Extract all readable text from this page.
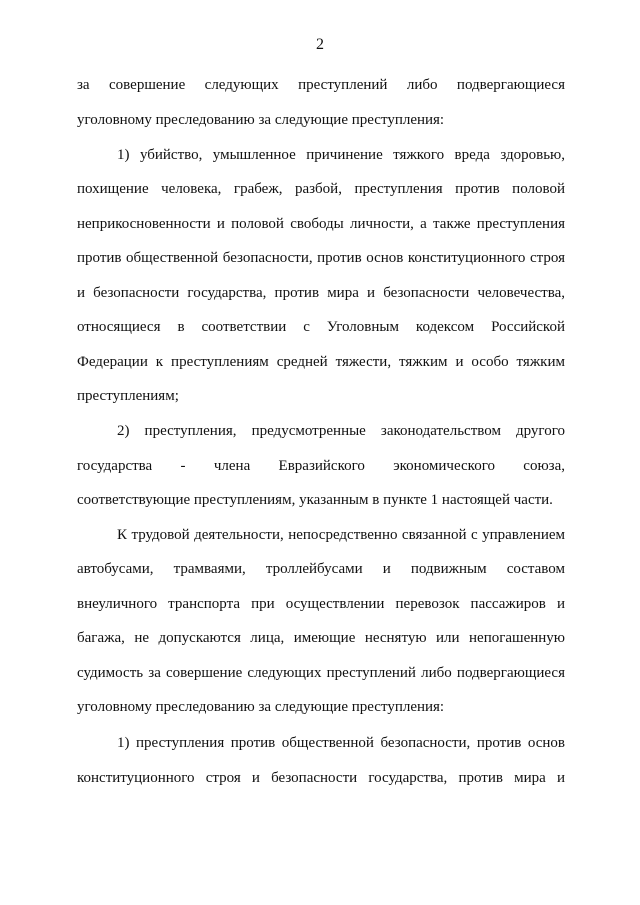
2
за совершение следующих преступлений либо подвергающиеся
уголовному преследованию за следующие преступления:
1) убийство, умышленное причинение тяжкого вреда здоровью,
похищение человека, грабеж, разбой, преступления против половой
неприкосновенности и половой свободы личности, а также преступления
против общественной безопасности, против основ конституционного строя
и безопасности государства, против мира и безопасности человечества,
относящиеся в соответствии с Уголовным кодексом Российской
Федерации к преступлениям средней тяжести, тяжким и особо тяжким
преступлениям;
2) преступления, предусмотренные законодательством другого
государства - члена Евразийского экономического союза,
соответствующие преступлениям, указанным в пункте 1 настоящей части.
К трудовой деятельности, непосредственно связанной с управлением
автобусами, трамваями, троллейбусами и подвижным составом
внеуличного транспорта при осуществлении перевозок пассажиров и
багажа, не допускаются лица, имеющие неснятую или непогашенную
судимость за совершение следующих преступлений либо подвергающиеся
уголовному преследованию за следующие преступления:
1) преступления против общественной безопасности, против основ
конституционного строя и безопасности государства, против мира и
